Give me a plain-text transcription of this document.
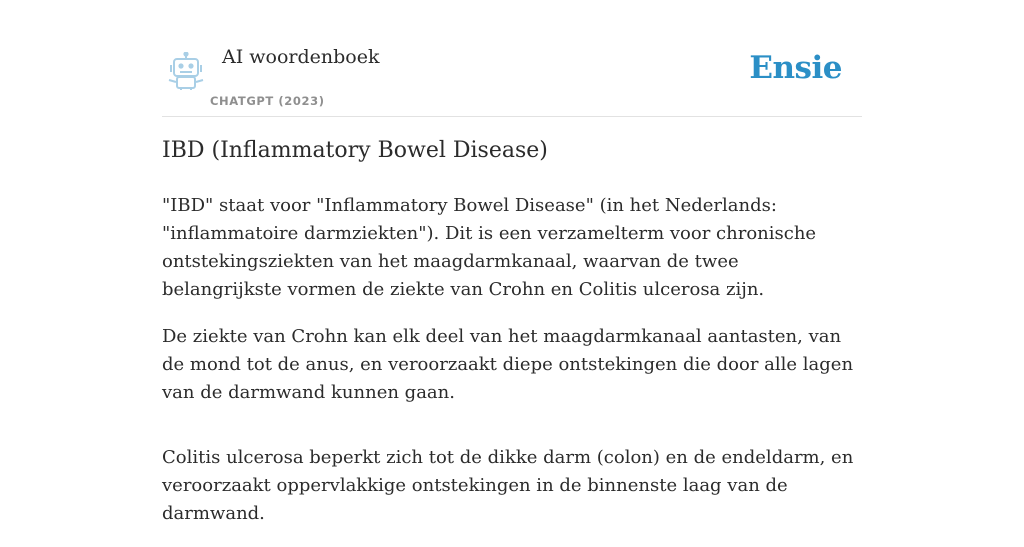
AI woordenboek
CHATGPT (2023)
Ensie
IBD (Inflammatory Bowel Disease)

"IBD" staat voor "Inflammatory Bowel Disease" (in het Nederlands: "inflammatoire darmziekten"). Dit is een verzamelterm voor chronische ontstekingsziekten van het maagdarmkanaal, waarvan de twee belangrijkste vormen de ziekte van Crohn en Colitis ulcerosa zijn.

De ziekte van Crohn kan elk deel van het maagdarmkanaal aantasten, van de mond tot de anus, en veroorzaakt diepe ontstekingen die door alle lagen van de darmwand kunnen gaan.

Colitis ulcerosa beperkt zich tot de dikke darm (colon) en de endeldarm, en veroorzaakt oppervlakkige ontstekingen in de binnenste laag van de darmwand.
